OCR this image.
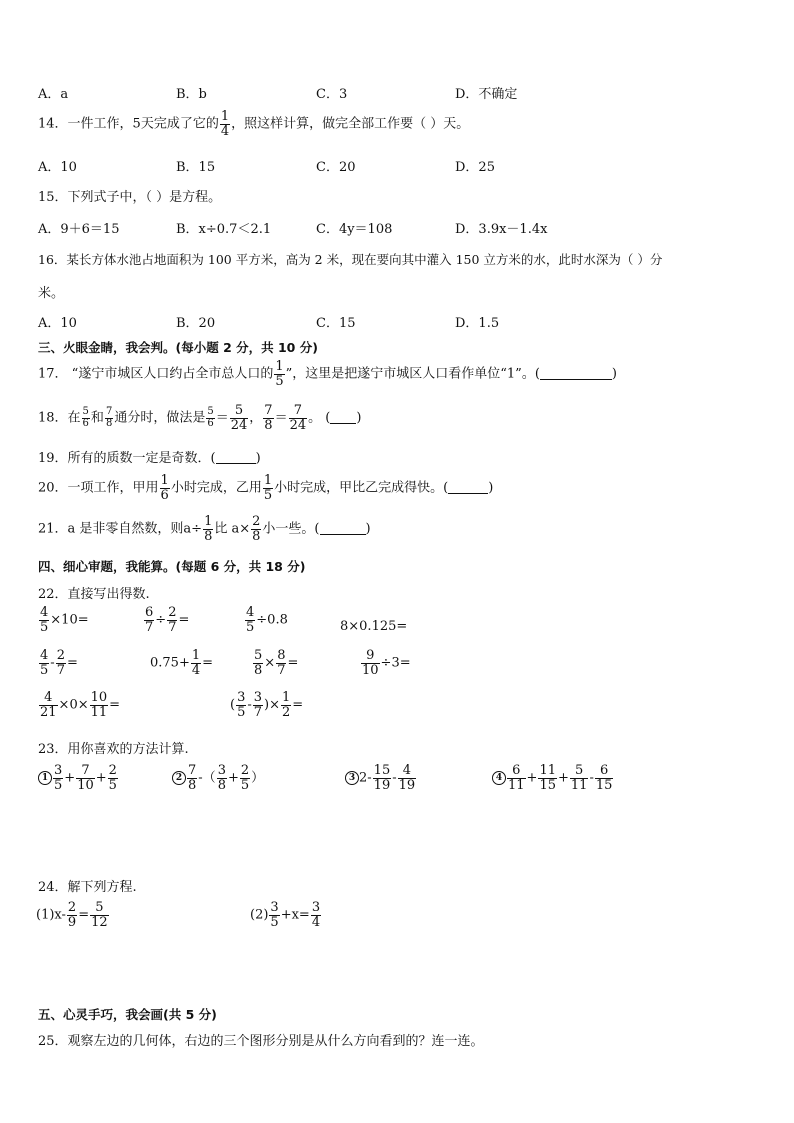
A．a	B．b	C．3	D．不确定
14．一件工作，5天完成了它的 $\frac{1}{4}$ ，照这样计算，做完全部工作要（ ）天。
A．10	B．15	C．20	D．25
15．下列式子中，（ ）是方程。
A．9＋6＝15	B．x÷0.7＜2.1	C．4y＝108	D．3.9x－1.4x
16．某长方体水池占地面积为 100 平方米，高为 2 米，现在要向其中灌入 150 立方米的水，此时水深为（ ）分
米。
A．10	B．20	C．15	D．1.5
三、火眼金睛，我会判。(每小题 2 分，共 10 分)
17． “遂宁市城区人口约占全市总人口的 $\frac{1}{5}$ ”，这里是把遂宁市城区人口看作单位“1”。(	)
18．在 $\frac{5}{6}$ 和 $\frac{7}{8}$ 通分时，做法是 $\frac{5}{6} = \frac{5}{24}$ ， $\frac{7}{8} = \frac{7}{24}$ 。 ( )
19．所有的质数一定是奇数．(	)
20．一项工作，甲用 $\frac{1}{6}$ 小时完成，乙用 $\frac{1}{5}$ 小时完成，甲比乙完成得快。(	)
21．a 是非零自然数，则$a\div \frac{1}{8}$ 比 $a\times \frac{2}{8}$ 小一些。(	)
四、细心审题，我能算。(每题 6 分，共 18 分)
22．直接写出得数.
$\frac{4}{5} \times 10=$	$\frac{6}{7} \div \frac{2}{7}$ =	$\frac{4}{5} \div 0.8$	8×0.125=
$\frac{4}{5} - \frac{2}{7}$ =	$0.75+ \frac{1}{4}$ =	$\frac{5}{8} \times \frac{8}{7}$ =	$\frac{9}{10} \div 3=$
$\frac{4}{21} \times 0\times \frac{10}{11}$ =	( $\frac{3}{5} - \frac{3}{7}$ )× $\frac{1}{2}$ =
23．用你喜欢的方法计算.
$1 \frac{3}{5} + \frac{7}{10} + \frac{2}{5}$	$2 \frac{7}{8}$ -（ $\frac{3}{8} + \frac{2}{5}$ ）	3 $2- \frac{15}{19} - \frac{4}{19}$	$4 \frac{6}{11} + \frac{11}{15} + \frac{5}{11} - \frac{6}{15}$
24．解下列方程.
$(1)x- \frac{2}{9} = \frac{5}{12}$	$(2) \frac{3}{5} +x= \frac{3}{4}$
五、心灵手巧，我会画(共 5 分)
25．观察左边的几何体，右边的三个图形分别是从什么方向看到的？连一连。
